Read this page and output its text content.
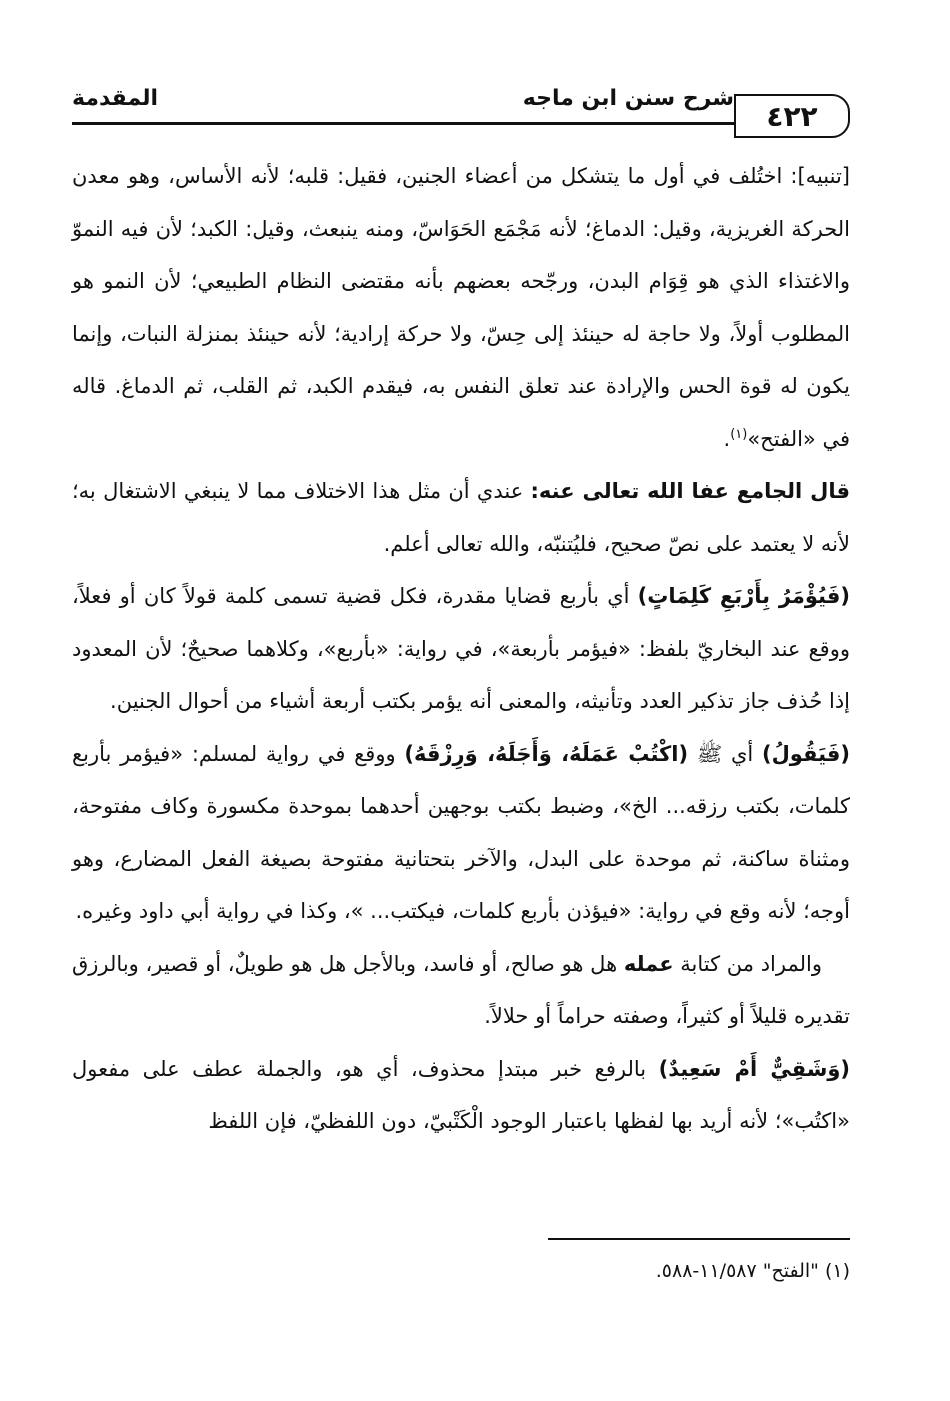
٤٢٢
شرح سنن ابن ماجه
المقدمة

[تنبيه]: اختُلف في أول ما يتشكل من أعضاء الجنين، فقيل: قلبه؛ لأنه الأساس، وهو معدن الحركة الغريزية، وقيل: الدماغ؛ لأنه مَجْمَع الحَوَاسّ، ومنه ينبعث، وقيل: الكبد؛ لأن فيه النموّ والاغتذاء الذي هو قِوَام البدن، ورجّحه بعضهم بأنه مقتضى النظام الطبيعي؛ لأن النمو هو المطلوب أولاً، ولا حاجة له حينئذ إلى حِسّ، ولا حركة إرادية؛ لأنه حينئذ بمنزلة النبات، وإنما يكون له قوة الحس والإرادة عند تعلق النفس به، فيقدم الكبد، ثم القلب، ثم الدماغ. قاله في «الفتح»$^{(١)}$.

قال الجامع عفا الله تعالى عنه: عندي أن مثل هذا الاختلاف مما لا ينبغي الاشتغال به؛ لأنه لا يعتمد على نصّ صحيح، فليُتنبّه، والله تعالى أعلم.

(فَيُؤْمَرُ بِأَرْبَعِ كَلِمَاتٍ) أي بأربع قضايا مقدرة، فكل قضية تسمى كلمة قولاً كان أو فعلاً، ووقع عند البخاريّ بلفظ: «فيؤمر بأربعة»، في رواية: «بأربع»، وكلاهما صحيحٌ؛ لأن المعدود إذا حُذف جاز تذكير العدد وتأنيثه، والمعنى أنه يؤمر بكتب أربعة أشياء من أحوال الجنين.

(فَيَقُولُ) أي ﷺ (اكْتُبْ عَمَلَهُ، وَأَجَلَهُ، وَرِزْقَهُ) ووقع في رواية لمسلم: «فيؤمر بأربع كلمات، بكتب رزقه... الخ»، وضبط بكتب بوجهين أحدهما بموحدة مكسورة وكاف مفتوحة، ومثناة ساكنة، ثم موحدة على البدل، والآخر بتحتانية مفتوحة بصيغة الفعل المضارع، وهو أوجه؛ لأنه وقع في رواية: «فيؤذن بأربع كلمات، فيكتب... »، وكذا في رواية أبي داود وغيره.

والمراد من كتابة عمله هل هو صالح، أو فاسد، وبالأجل هل هو طويلٌ، أو قصير، وبالرزق تقديره قليلاً أو كثيراً، وصفته حراماً أو حلالاً.

(وَشَقِيٌّ أَمْ سَعِيدٌ) بالرفع خبر مبتدإ محذوف، أي هو، والجملة عطف على مفعول «اكتُب»؛ لأنه أريد بها لفظها باعتبار الوجود الْكَتْبيّ، دون اللفظيّ، فإن اللفظ

(١) "الفتح" ١١/٥٨٧-٥٨٨.
